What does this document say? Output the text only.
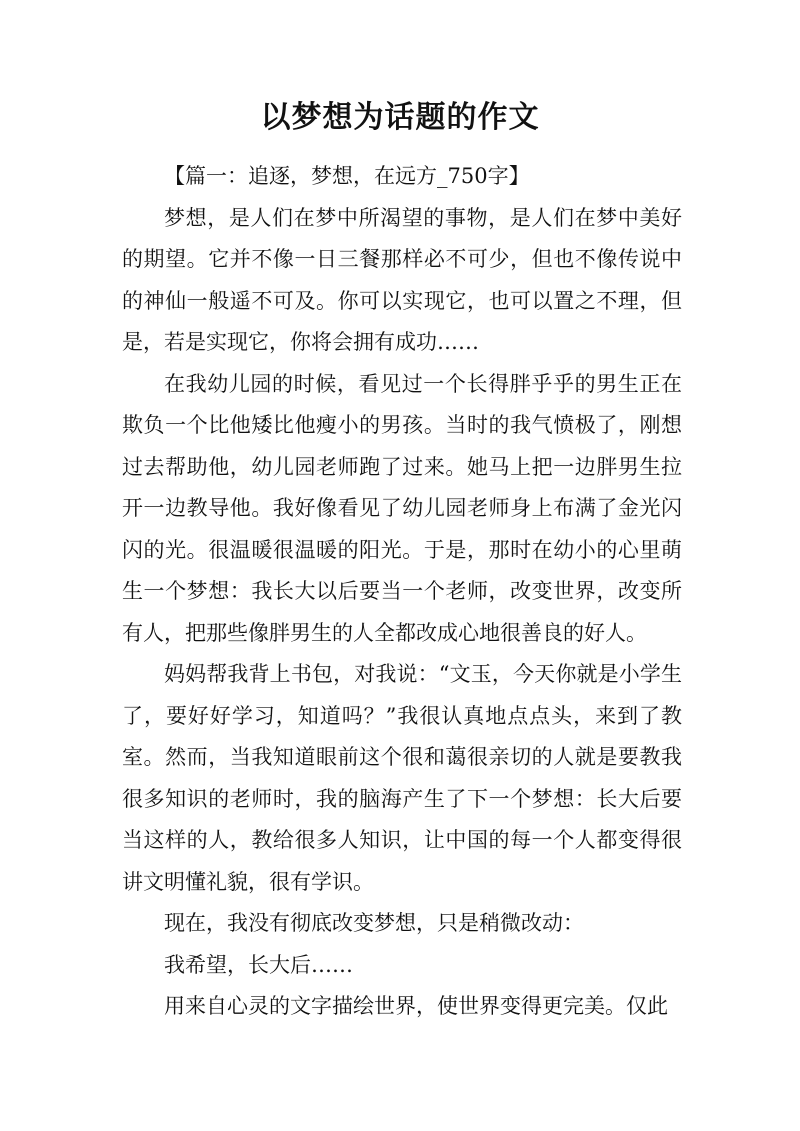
以梦想为话题的作文

【篇一：追逐，梦想，在远方_750字】

梦想，是人们在梦中所渴望的事物，是人们在梦中美好的期望。它并不像一日三餐那样必不可少，但也不像传说中的神仙一般遥不可及。你可以实现它，也可以置之不理，但是，若是实现它，你将会拥有成功……

在我幼儿园的时候，看见过一个长得胖乎乎的男生正在欺负一个比他矮比他瘦小的男孩。当时的我气愤极了，刚想过去帮助他，幼儿园老师跑了过来。她马上把一边胖男生拉开一边教导他。我好像看见了幼儿园老师身上布满了金光闪闪的光。很温暖很温暖的阳光。于是，那时在幼小的心里萌生一个梦想：我长大以后要当一个老师，改变世界，改变所有人，把那些像胖男生的人全都改成心地很善良的好人。

妈妈帮我背上书包，对我说：“文玉，今天你就是小学生了，要好好学习，知道吗？”我很认真地点点头，来到了教室。然而，当我知道眼前这个很和蔼很亲切的人就是要教我很多知识的老师时，我的脑海产生了下一个梦想：长大后要当这样的人，教给很多人知识，让中国的每一个人都变得很讲文明懂礼貌，很有学识。

现在，我没有彻底改变梦想，只是稍微改动：

我希望，长大后……

用来自心灵的文字描绘世界，使世界变得更完美。仅此
